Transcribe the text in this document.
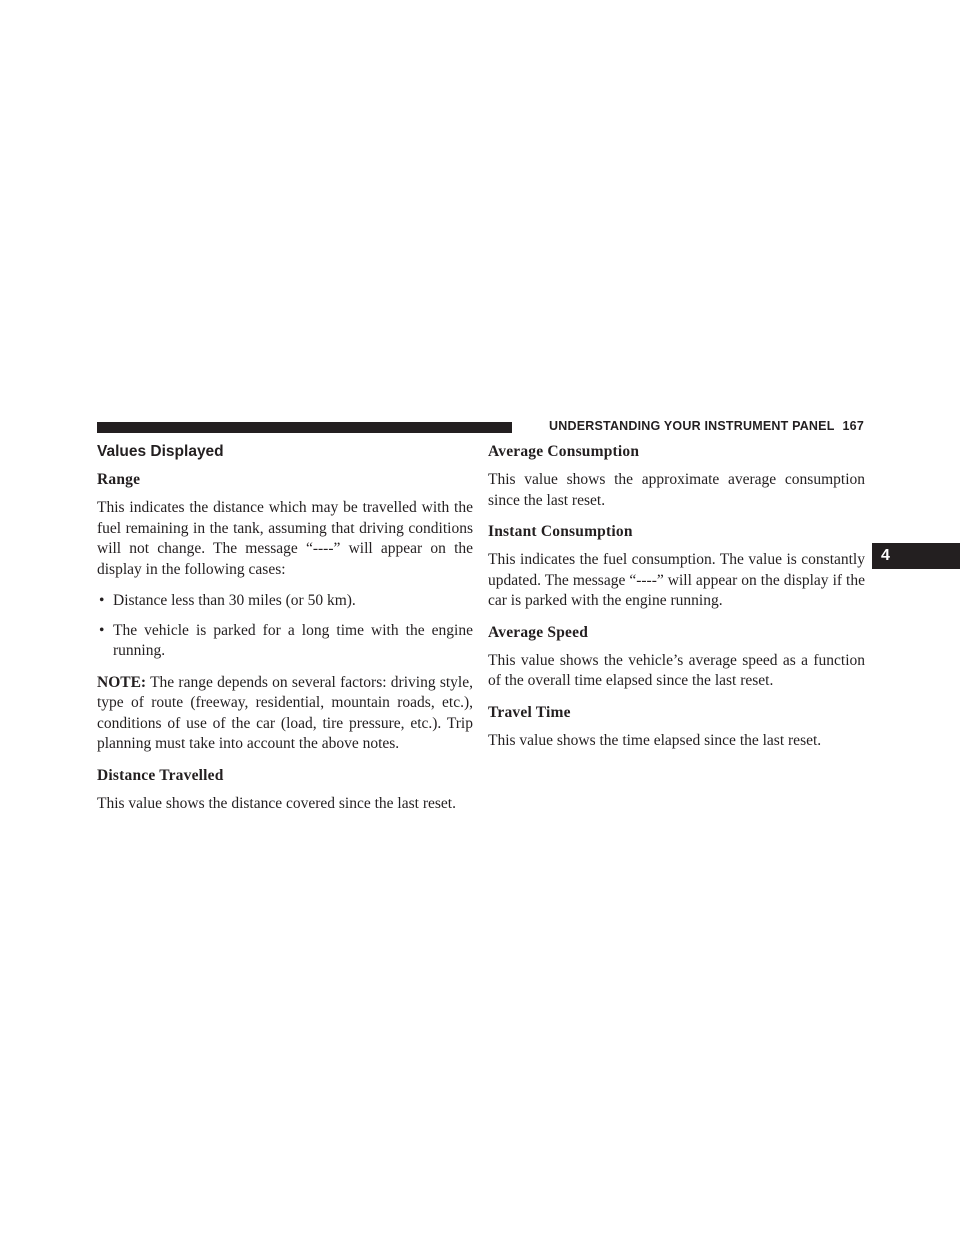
UNDERSTANDING YOUR INSTRUMENT PANEL 167
4
Values Displayed
Range

This indicates the distance which may be travelled with the fuel remaining in the tank, assuming that driving conditions will not change. The message “----” will appear on the display in the following cases:

• Distance less than 30 miles (or 50 km).
• The vehicle is parked for a long time with the engine running.

NOTE: The range depends on several factors: driving style, type of route (freeway, residential, mountain roads, etc.), conditions of use of the car (load, tire pressure, etc.). Trip planning must take into account the above notes.

Distance Travelled

This value shows the distance covered since the last reset.

Average Consumption

This value shows the approximate average consumption since the last reset.

Instant Consumption

This indicates the fuel consumption. The value is constantly updated. The message “----” will appear on the display if the car is parked with the engine running.

Average Speed

This value shows the vehicle’s average speed as a function of the overall time elapsed since the last reset.

Travel Time

This value shows the time elapsed since the last reset.
